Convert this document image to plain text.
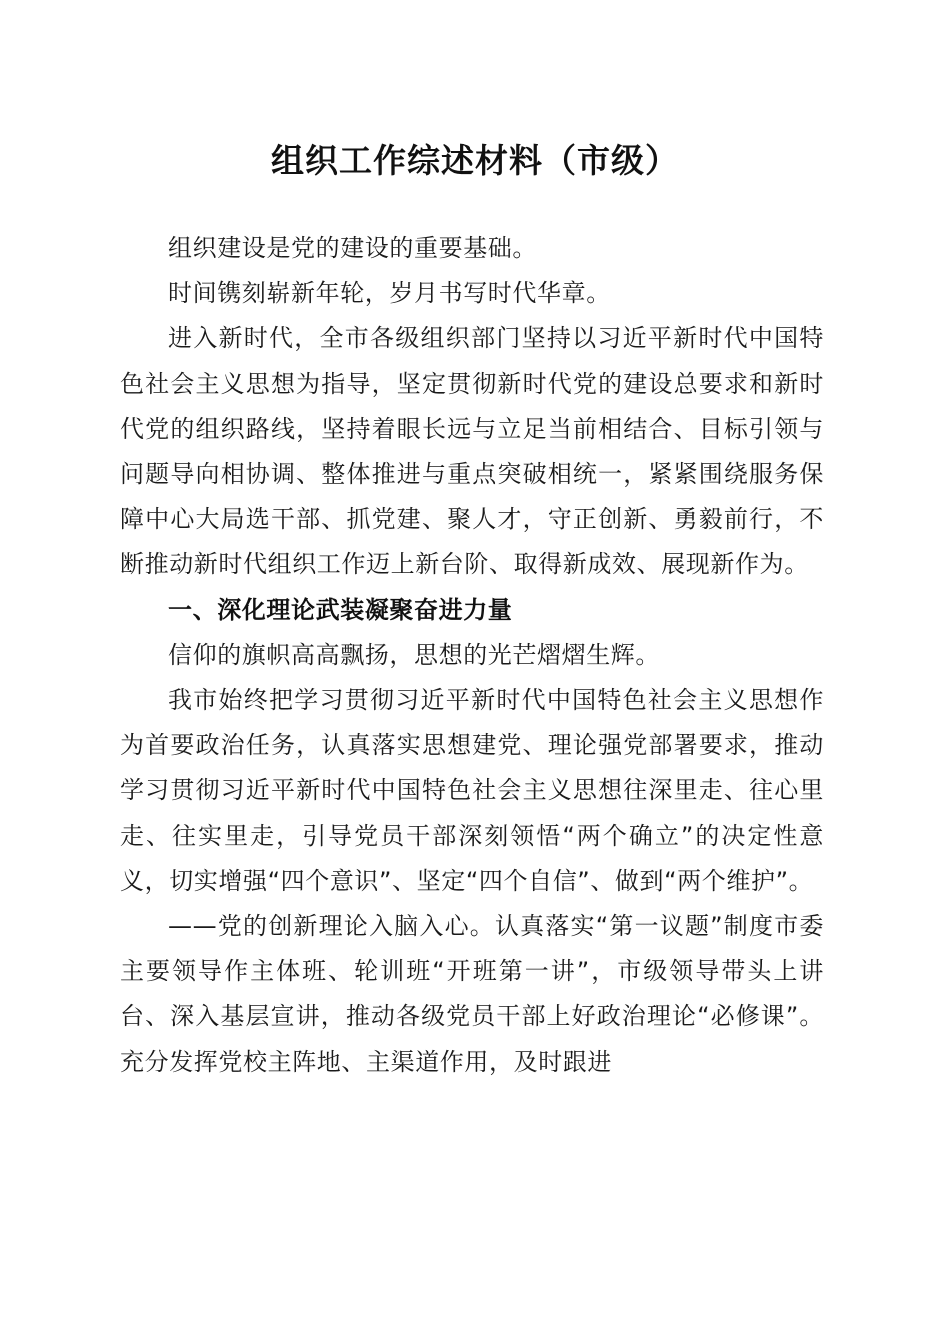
组织工作综述材料（市级）

组织建设是党的建设的重要基础。

时间镌刻崭新年轮，岁月书写时代华章。

进入新时代，全市各级组织部门坚持以习近平新时代中国特色社会主义思想为指导，坚定贯彻新时代党的建设总要求和新时代党的组织路线，坚持着眼长远与立足当前相结合、目标引领与问题导向相协调、整体推进与重点突破相统一，紧紧围绕服务保障中心大局选干部、抓党建、聚人才，守正创新、勇毅前行，不断推动新时代组织工作迈上新台阶、取得新成效、展现新作为。

一、深化理论武装凝聚奋进力量

信仰的旗帜高高飘扬，思想的光芒熠熠生辉。

我市始终把学习贯彻习近平新时代中国特色社会主义思想作为首要政治任务，认真落实思想建党、理论强党部署要求，推动学习贯彻习近平新时代中国特色社会主义思想往深里走、往心里走、往实里走，引导党员干部深刻领悟“两个确立”的决定性意义，切实增强“四个意识”、坚定“四个自信”、做到“两个维护”。

——党的创新理论入脑入心。认真落实“第一议题”制度市委主要领导作主体班、轮训班“开班第一讲”，市级领导带头上讲台、深入基层宣讲，推动各级党员干部上好政治理论“必修课”。充分发挥党校主阵地、主渠道作用，及时跟进
